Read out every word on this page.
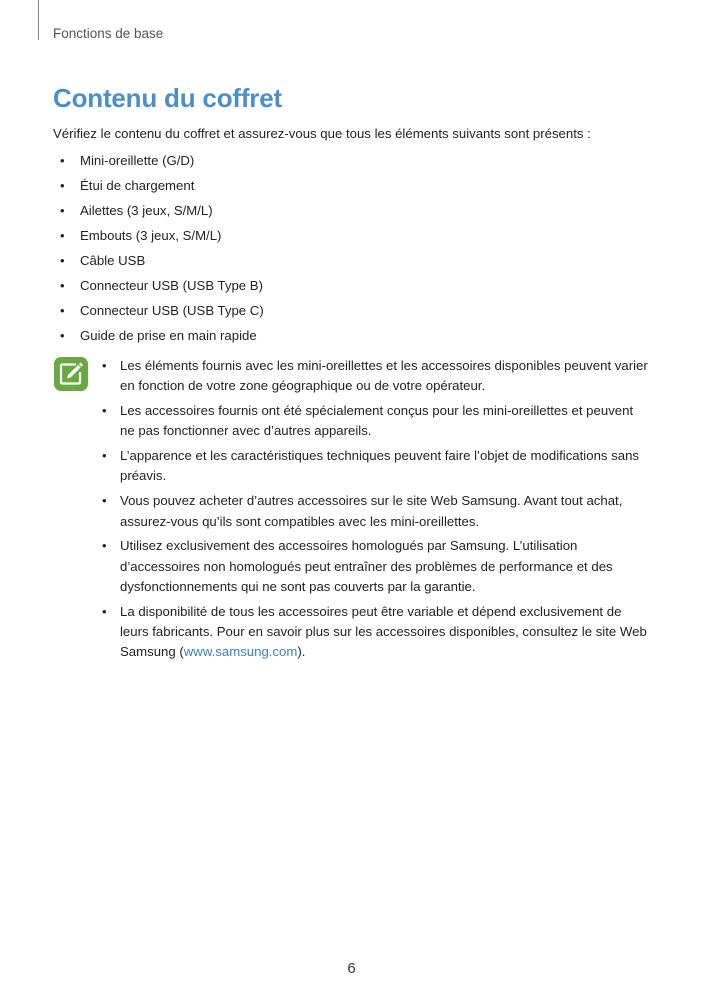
Fonctions de base
Contenu du coffret
Vérifiez le contenu du coffret et assurez-vous que tous les éléments suivants sont présents :
• Mini-oreillette (G/D)
• Étui de chargement
• Ailettes (3 jeux, S/M/L)
• Embouts (3 jeux, S/M/L)
• Câble USB
• Connecteur USB (USB Type B)
• Connecteur USB (USB Type C)
• Guide de prise en main rapide
• Les éléments fournis avec les mini-oreillettes et les accessoires disponibles peuvent varier en fonction de votre zone géographique ou de votre opérateur.
• Les accessoires fournis ont été spécialement conçus pour les mini-oreillettes et peuvent ne pas fonctionner avec d’autres appareils.
• L’apparence et les caractéristiques techniques peuvent faire l’objet de modifications sans préavis.
• Vous pouvez acheter d’autres accessoires sur le site Web Samsung. Avant tout achat, assurez-vous qu’ils sont compatibles avec les mini-oreillettes.
• Utilisez exclusivement des accessoires homologués par Samsung. L’utilisation d’accessoires non homologués peut entraîner des problèmes de performance et des dysfonctionnements qui ne sont pas couverts par la garantie.
• La disponibilité de tous les accessoires peut être variable et dépend exclusivement de leurs fabricants. Pour en savoir plus sur les accessoires disponibles, consultez le site Web Samsung (www.samsung.com).
6
